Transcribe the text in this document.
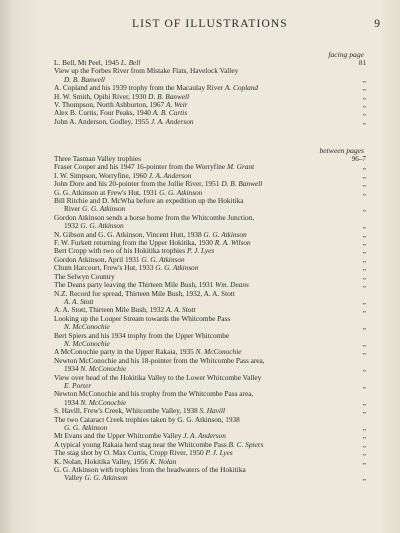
LIST OF ILLUSTRATIONS	9
facing page
L. Bell, Mt Peel, 1945 L. Bell	81
View up the Forbes River from Mistake Flats, Havelock Valley
D. B. Banwell	„
A. Copland and his 1939 trophy from the Macaulay River A. Copland	„
H. W. Smith, Opihi River, 1930 D. B. Banwell	„
V. Thompson, North Ashburton, 1967 A. Weir	„
Alex B. Curtis, Four Peaks, 1940 A. B. Curtis	„
John A. Anderson, Godley, 1955 J. A. Anderson	„
between pages
Three Tasman Valley trophies	96–7
Fraser Cooper and his 1947 16-pointer from the Worryfine M. Grant	„
I. W. Simpson, Worryfine, 1960 J. A. Anderson	„
John Dore and his 20-pointer from the Jollie River, 1951 D. B. Banwell	„
G. G. Atkinson at Frew's Hut, 1931 G. G. Atkinson	„
Bill Ritchie and D. McWha before an expedition up the Hokitika
River G. G. Atkinson	„
Gordon Atkinson sends a horse home from the Whitcombe Junction,
1932 G. G. Atkinson	„
N. Gibson and G. G. Atkinson, Vincent Hutt, 1938 G. G. Atkinson	„
F. W. Furkett returning from the Upper Hokitika, 1930 R. A. Wilson	„
Bert Cropp with two of his Hokitika trophies P. J. Lyes	„
Gordon Atkinson, April 1931 G. G. Atkinson	„
Chum Harcourt, Frew's Hut, 1933 G. G. Atkinson	„
The Selwyn Country	„
The Deans party leaving the Thirteen Mile Bush, 1931 Wm. Deans	„
N.Z. Record for spread, Thirteen Mile Bush, 1932, A. A. Stott
A. A. Stott	„
A. A. Stott, Thirteen Mile Bush, 1932 A. A. Stott	„
Looking up the Louper Stream towards the Whitcombe Pass
N. McConochie	„
Bert Spiers and his 1934 trophy from the Upper Whitcombe
N. McConochie	„
A McConochie party in the Upper Rakaia, 1935 N. McConochie	„
Newton McConochie and his 18-pointer from the Whitcombe Pass area,
1934 N. McConochie	„
View over head of the Hokitika Valley to the Lower Whitcombe Valley
E. Porter	„
Newton McConochie and his trophy from the Whitcombe Pass area,
1934 N. McConochie	„
S. Havill, Frew's Creek, Whitcombe Valley, 1938 S. Havill	„
The two Cataract Creek trophies taken by G. G. Atkinson, 1938
G. G. Atkinson	„
Mt Evans and the Upper Whitcombe Valley J. A. Anderson	„
A typical young Rakaia herd stag near the Whitcombe Pass B. C. Spiers	„
The stag shot by O. Max Curtis, Cropp River, 1950 P. J. Lyes	„
K. Nolan, Hokitika Valley, 1956 K. Nolan	„
G. G. Atkinson with trophies from the headwaters of the Hokitika
Valley G. G. Atkinson	„
